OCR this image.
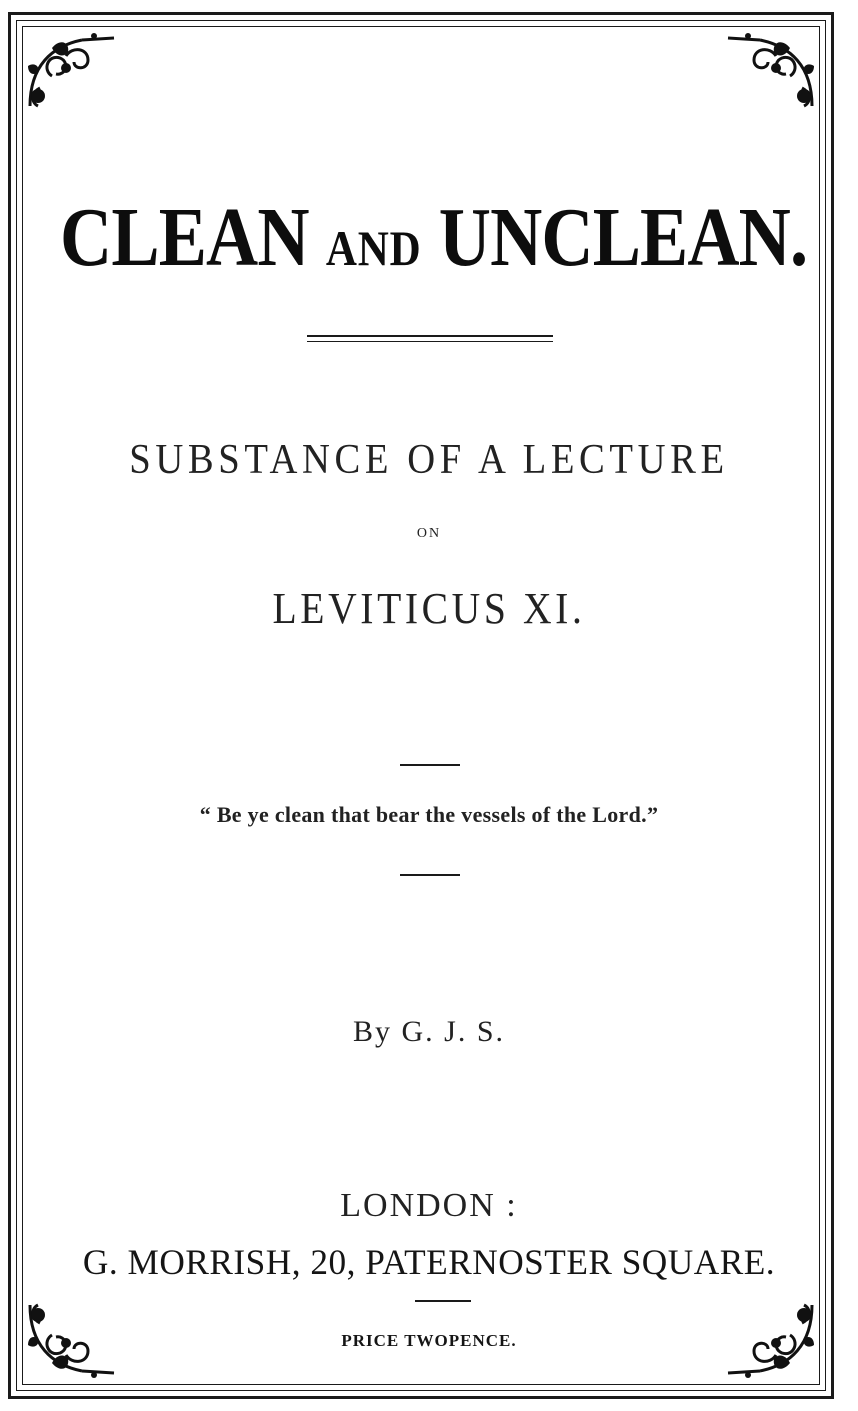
CLEAN AND UNCLEAN.
SUBSTANCE OF A LECTURE
ON
LEVITICUS XI.
“ Be ye clean that bear the vessels of the Lord.”
By G. J. S.
LONDON :
G. MORRISH, 20, PATERNOSTER SQUARE.
PRICE TWOPENCE.
